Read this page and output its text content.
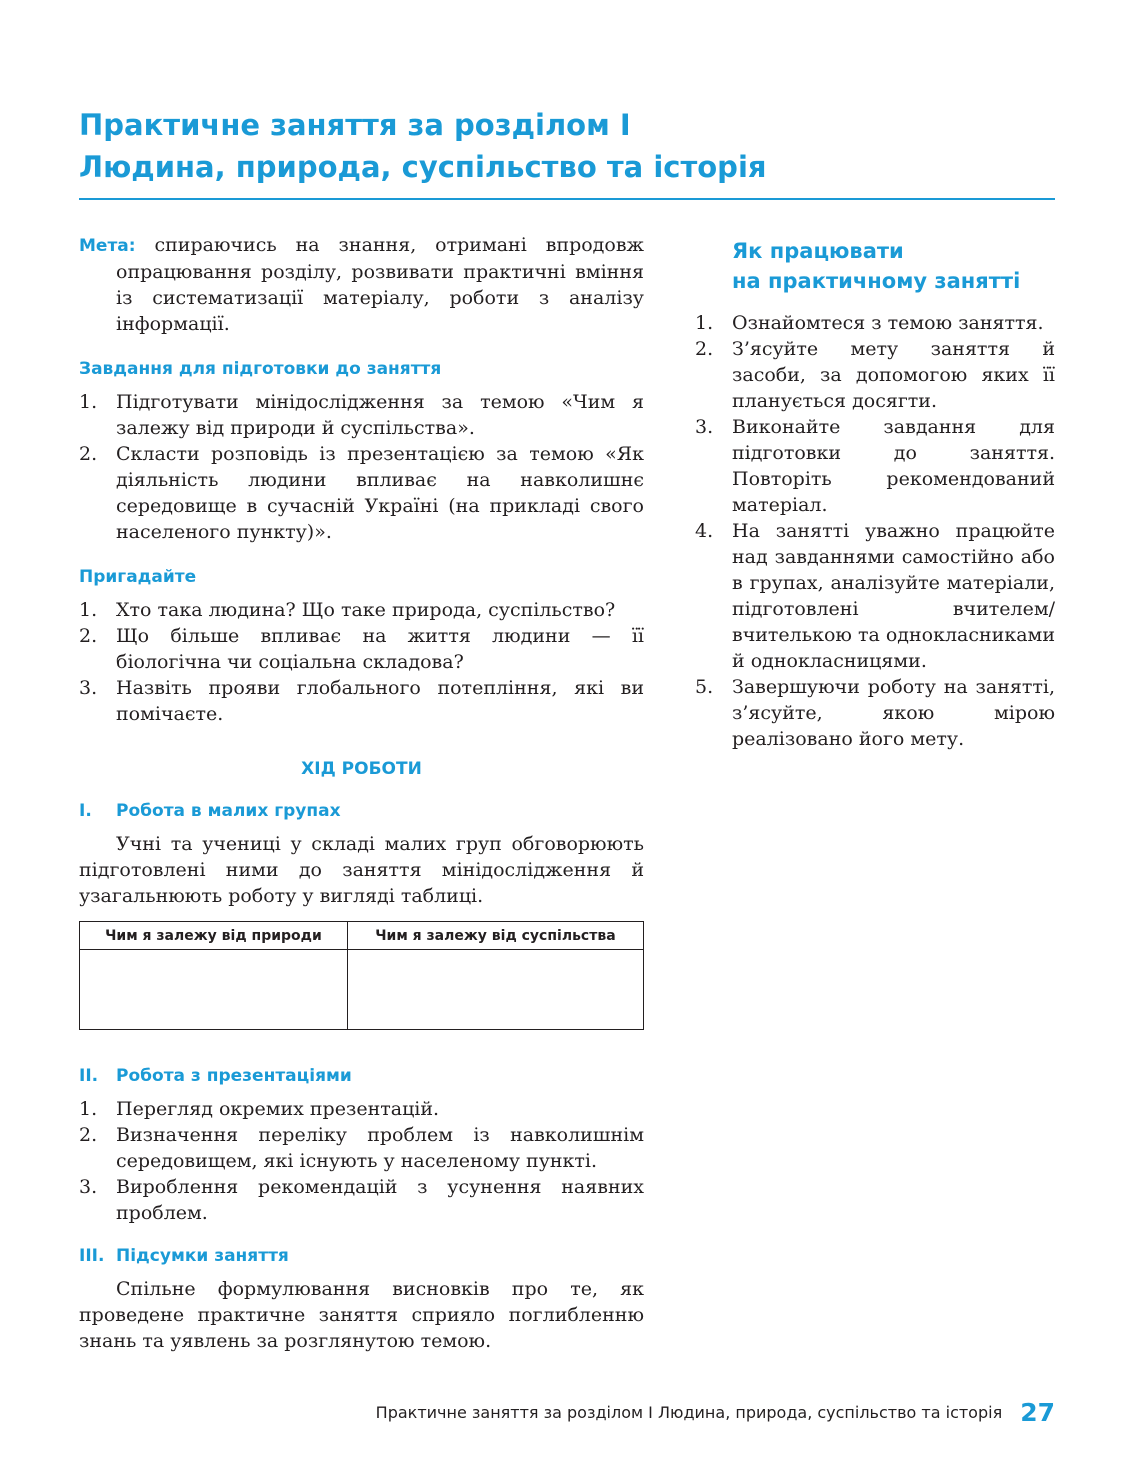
Практичне заняття за розділом I
Людина, природа, суспільство та історія

Мета: спираючись на знання, отримані впродовж опрацювання розділу, розвивати практичні вміння із систематизації матеріалу, роботи з аналізу інформації.

Завдання для підготовки до заняття
1. Підготувати мінідослідження за темою «Чим я залежу від природи й суспільства».
2. Скласти розповідь із презентацією за темою «Як діяльність людини впливає на навколишнє середовище в сучасній Україні (на прикладі свого населеного пункту)».
Пригадайте
1. Хто така людина? Що таке природа, суспільство?
2. Що більше впливає на життя людини — її біологічна чи соціальна складова?
3. Назвіть прояви глобального потепління, які ви помічаєте.
ХІД РОБОТИ
I.	Робота в малих групах

Учні та учениці у складі малих груп обговорюють підготовлені ними до заняття мінідослідження й узагальнюють роботу у вигляді таблиці.

Чим я залежу від природи	Чим я залежу від суспільства

II.	Робота з презентаціями
1. Перегляд окремих презентацій.
2. Визначення переліку проблем із навколишнім середовищем, які існують у населеному пункті.
3. Вироблення рекомендацій з усунення наявних проблем.
III. Підсумки заняття

Спільне формулювання висновків про те, як проведене практичне заняття сприяло поглибленню знань та уявлень за розглянутою темою.

Як працювати
на практичному занятті
1. Ознайомтеся з темою заняття.
2. З’ясуйте мету заняття й засоби, за допомогою яких її планується досягти.
3. Виконайте завдання для підготовки до заняття. Повторіть рекомендований матеріал.
4. На занятті уважно працюйте над завданнями самостійно або в групах, аналізуйте матеріали, підготовлені вчителем/вчителькою та однокласниками й однокласницями.
5. Завершуючи роботу на занятті, з’ясуйте, якою мірою реалізовано його мету.
Практичне заняття за розділом I Людина, природа, суспільство та історія 27
